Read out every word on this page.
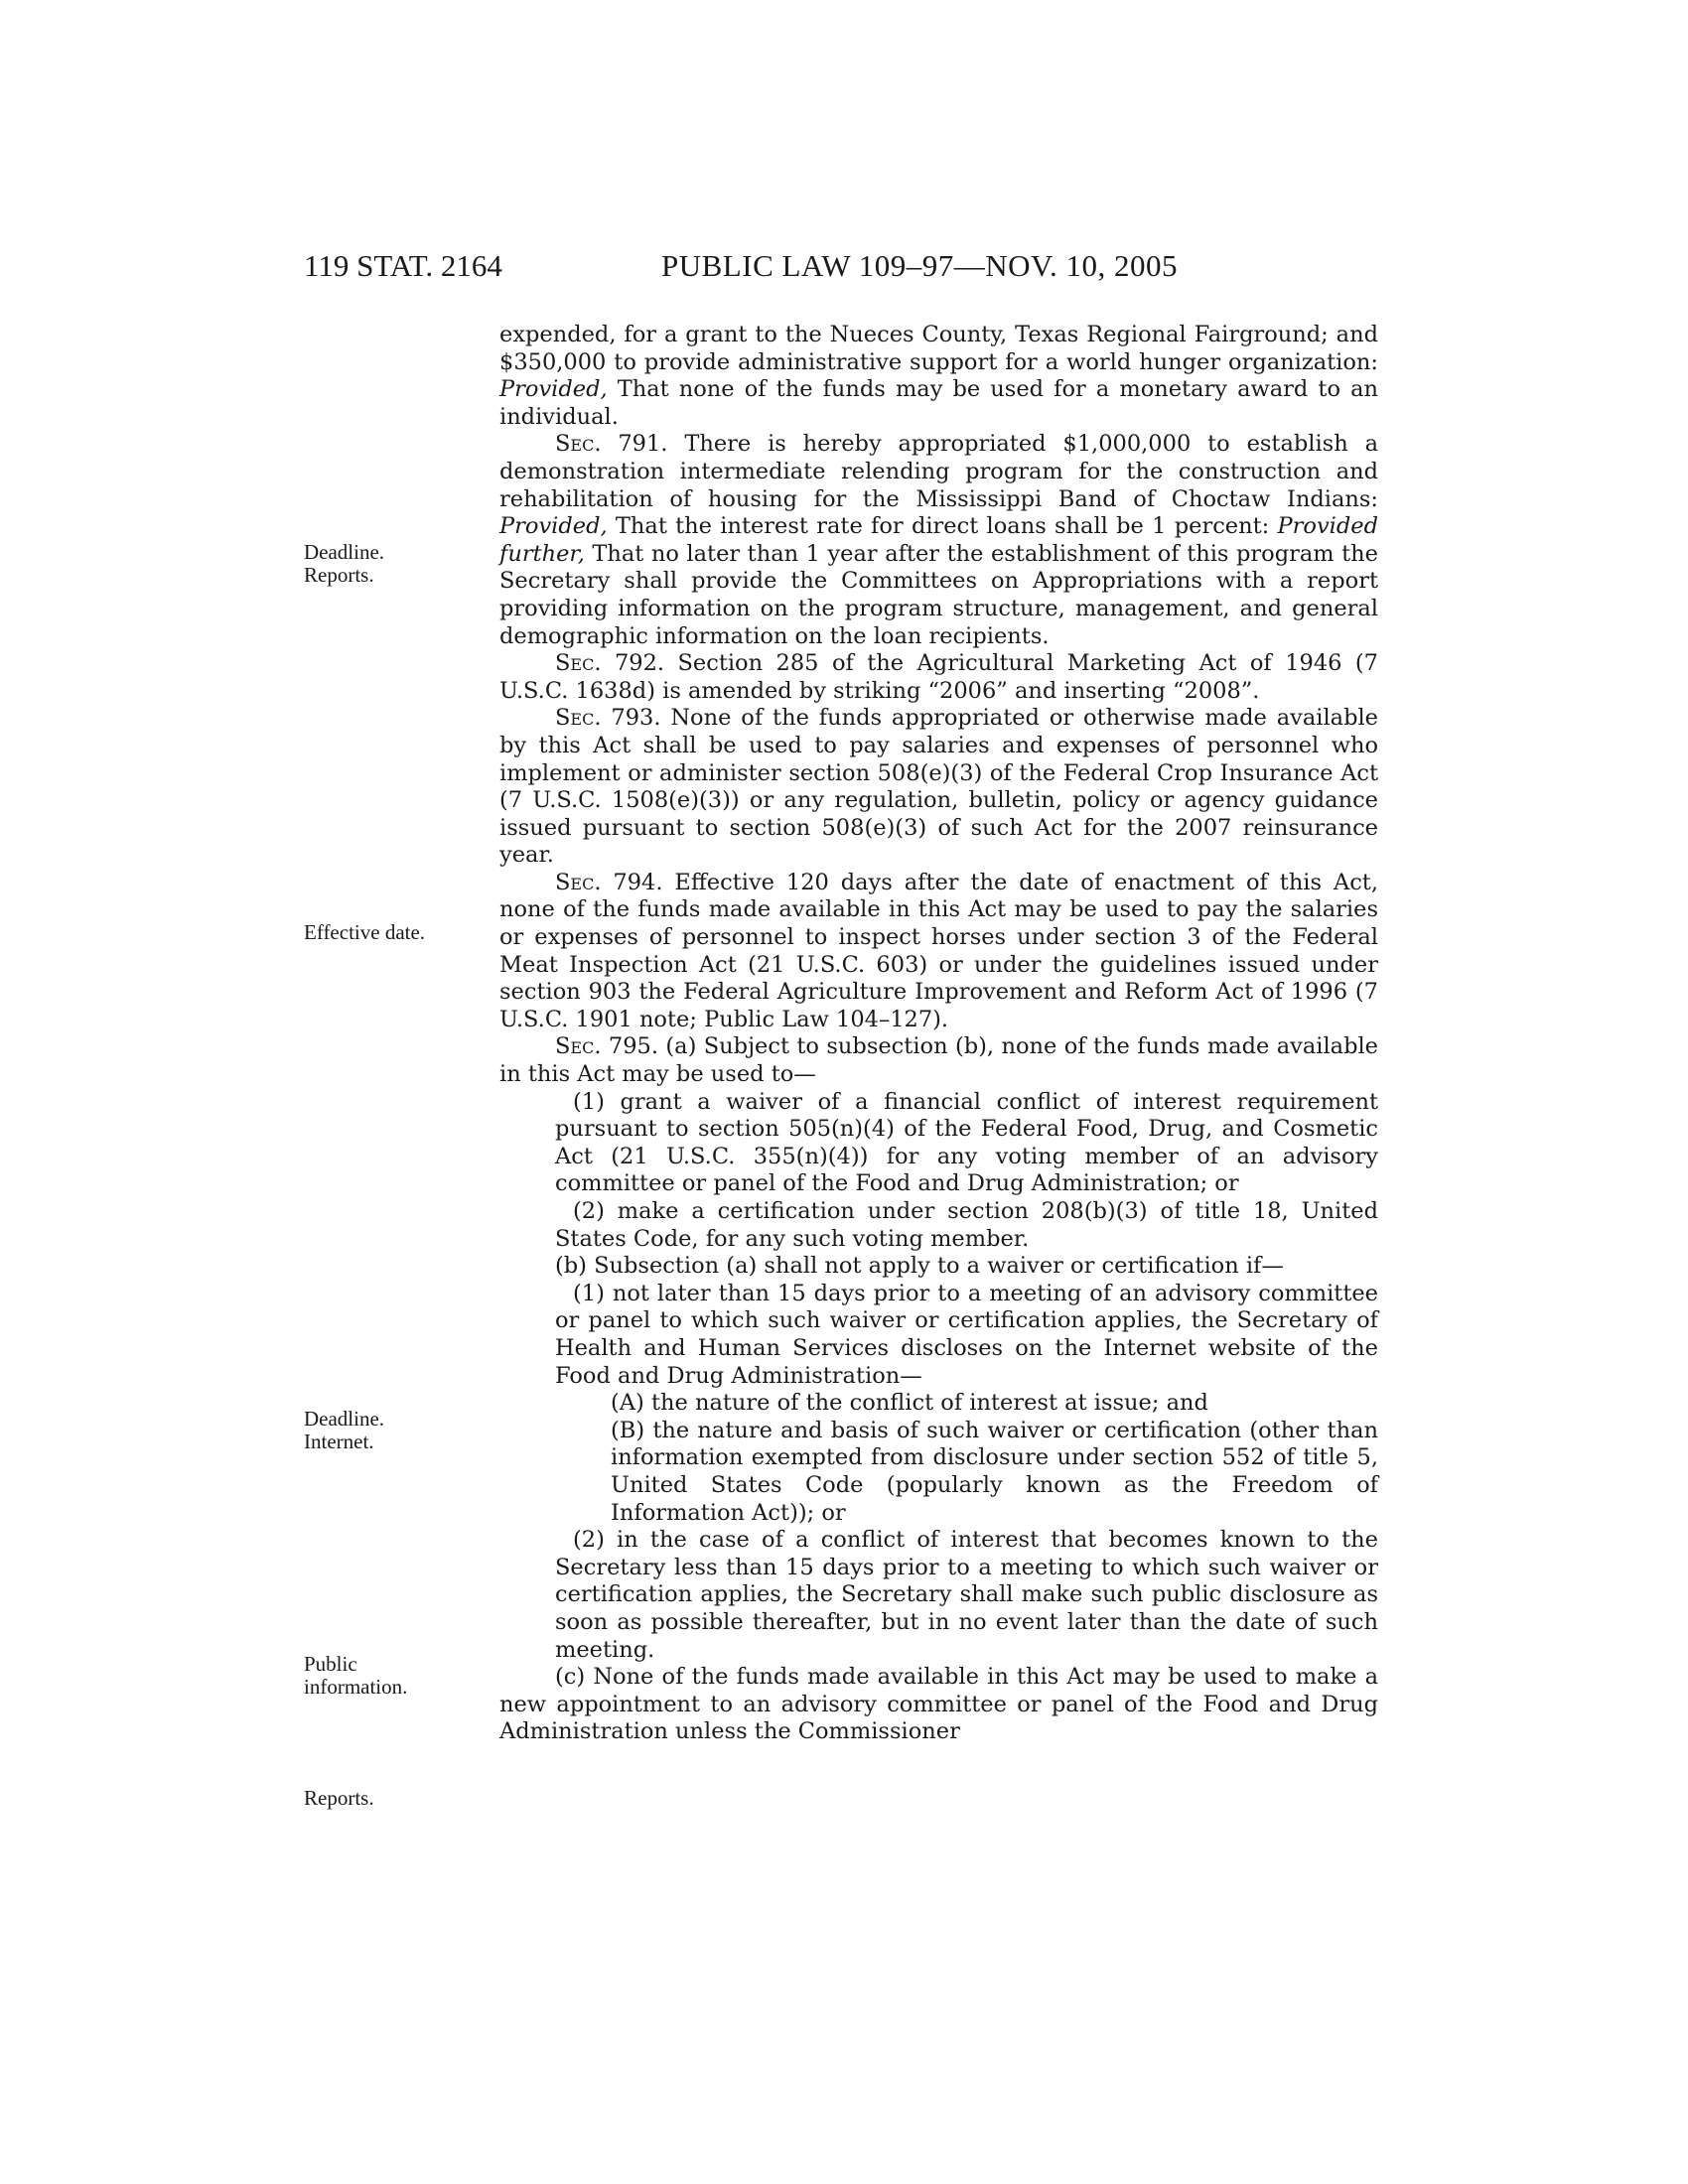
119 STAT. 2164	PUBLIC LAW 109–97—NOV. 10, 2005
Deadline.
Reports.
Effective date.
Deadline.
Internet.
Public
information.
Reports.

expended, for a grant to the Nueces County, Texas Regional Fairground; and $350,000 to provide administrative support for a world hunger organization: Provided, That none of the funds may be used for a monetary award to an individual.

Sec. 791. There is hereby appropriated $1,000,000 to establish a demonstration intermediate relending program for the construction and rehabilitation of housing for the Mississippi Band of Choctaw Indians: Provided, That the interest rate for direct loans shall be 1 percent: Provided further, That no later than 1 year after the establishment of this program the Secretary shall provide the Committees on Appropriations with a report providing information on the program structure, management, and general demographic information on the loan recipients.

Sec. 792. Section 285 of the Agricultural Marketing Act of 1946 (7 U.S.C. 1638d) is amended by striking “2006” and inserting “2008”.

Sec. 793. None of the funds appropriated or otherwise made available by this Act shall be used to pay salaries and expenses of personnel who implement or administer section 508(e)(3) of the Federal Crop Insurance Act (7 U.S.C. 1508(e)(3)) or any regulation, bulletin, policy or agency guidance issued pursuant to section 508(e)(3) of such Act for the 2007 reinsurance year.

Sec. 794. Effective 120 days after the date of enactment of this Act, none of the funds made available in this Act may be used to pay the salaries or expenses of personnel to inspect horses under section 3 of the Federal Meat Inspection Act (21 U.S.C. 603) or under the guidelines issued under section 903 the Federal Agriculture Improvement and Reform Act of 1996 (7 U.S.C. 1901 note; Public Law 104–127).

Sec. 795. (a) Subject to subsection (b), none of the funds made available in this Act may be used to—

(1) grant a waiver of a financial conflict of interest requirement pursuant to section 505(n)(4) of the Federal Food, Drug, and Cosmetic Act (21 U.S.C. 355(n)(4)) for any voting member of an advisory committee or panel of the Food and Drug Administration; or

(2) make a certification under section 208(b)(3) of title 18, United States Code, for any such voting member.

(b) Subsection (a) shall not apply to a waiver or certification if—

(1) not later than 15 days prior to a meeting of an advisory committee or panel to which such waiver or certification applies, the Secretary of Health and Human Services discloses on the Internet website of the Food and Drug Administration—

(A) the nature of the conflict of interest at issue; and

(B) the nature and basis of such waiver or certification (other than information exempted from disclosure under section 552 of title 5, United States Code (popularly known as the Freedom of Information Act)); or

(2) in the case of a conflict of interest that becomes known to the Secretary less than 15 days prior to a meeting to which such waiver or certification applies, the Secretary shall make such public disclosure as soon as possible thereafter, but in no event later than the date of such meeting.

(c) None of the funds made available in this Act may be used to make a new appointment to an advisory committee or panel of the Food and Drug Administration unless the Commissioner
